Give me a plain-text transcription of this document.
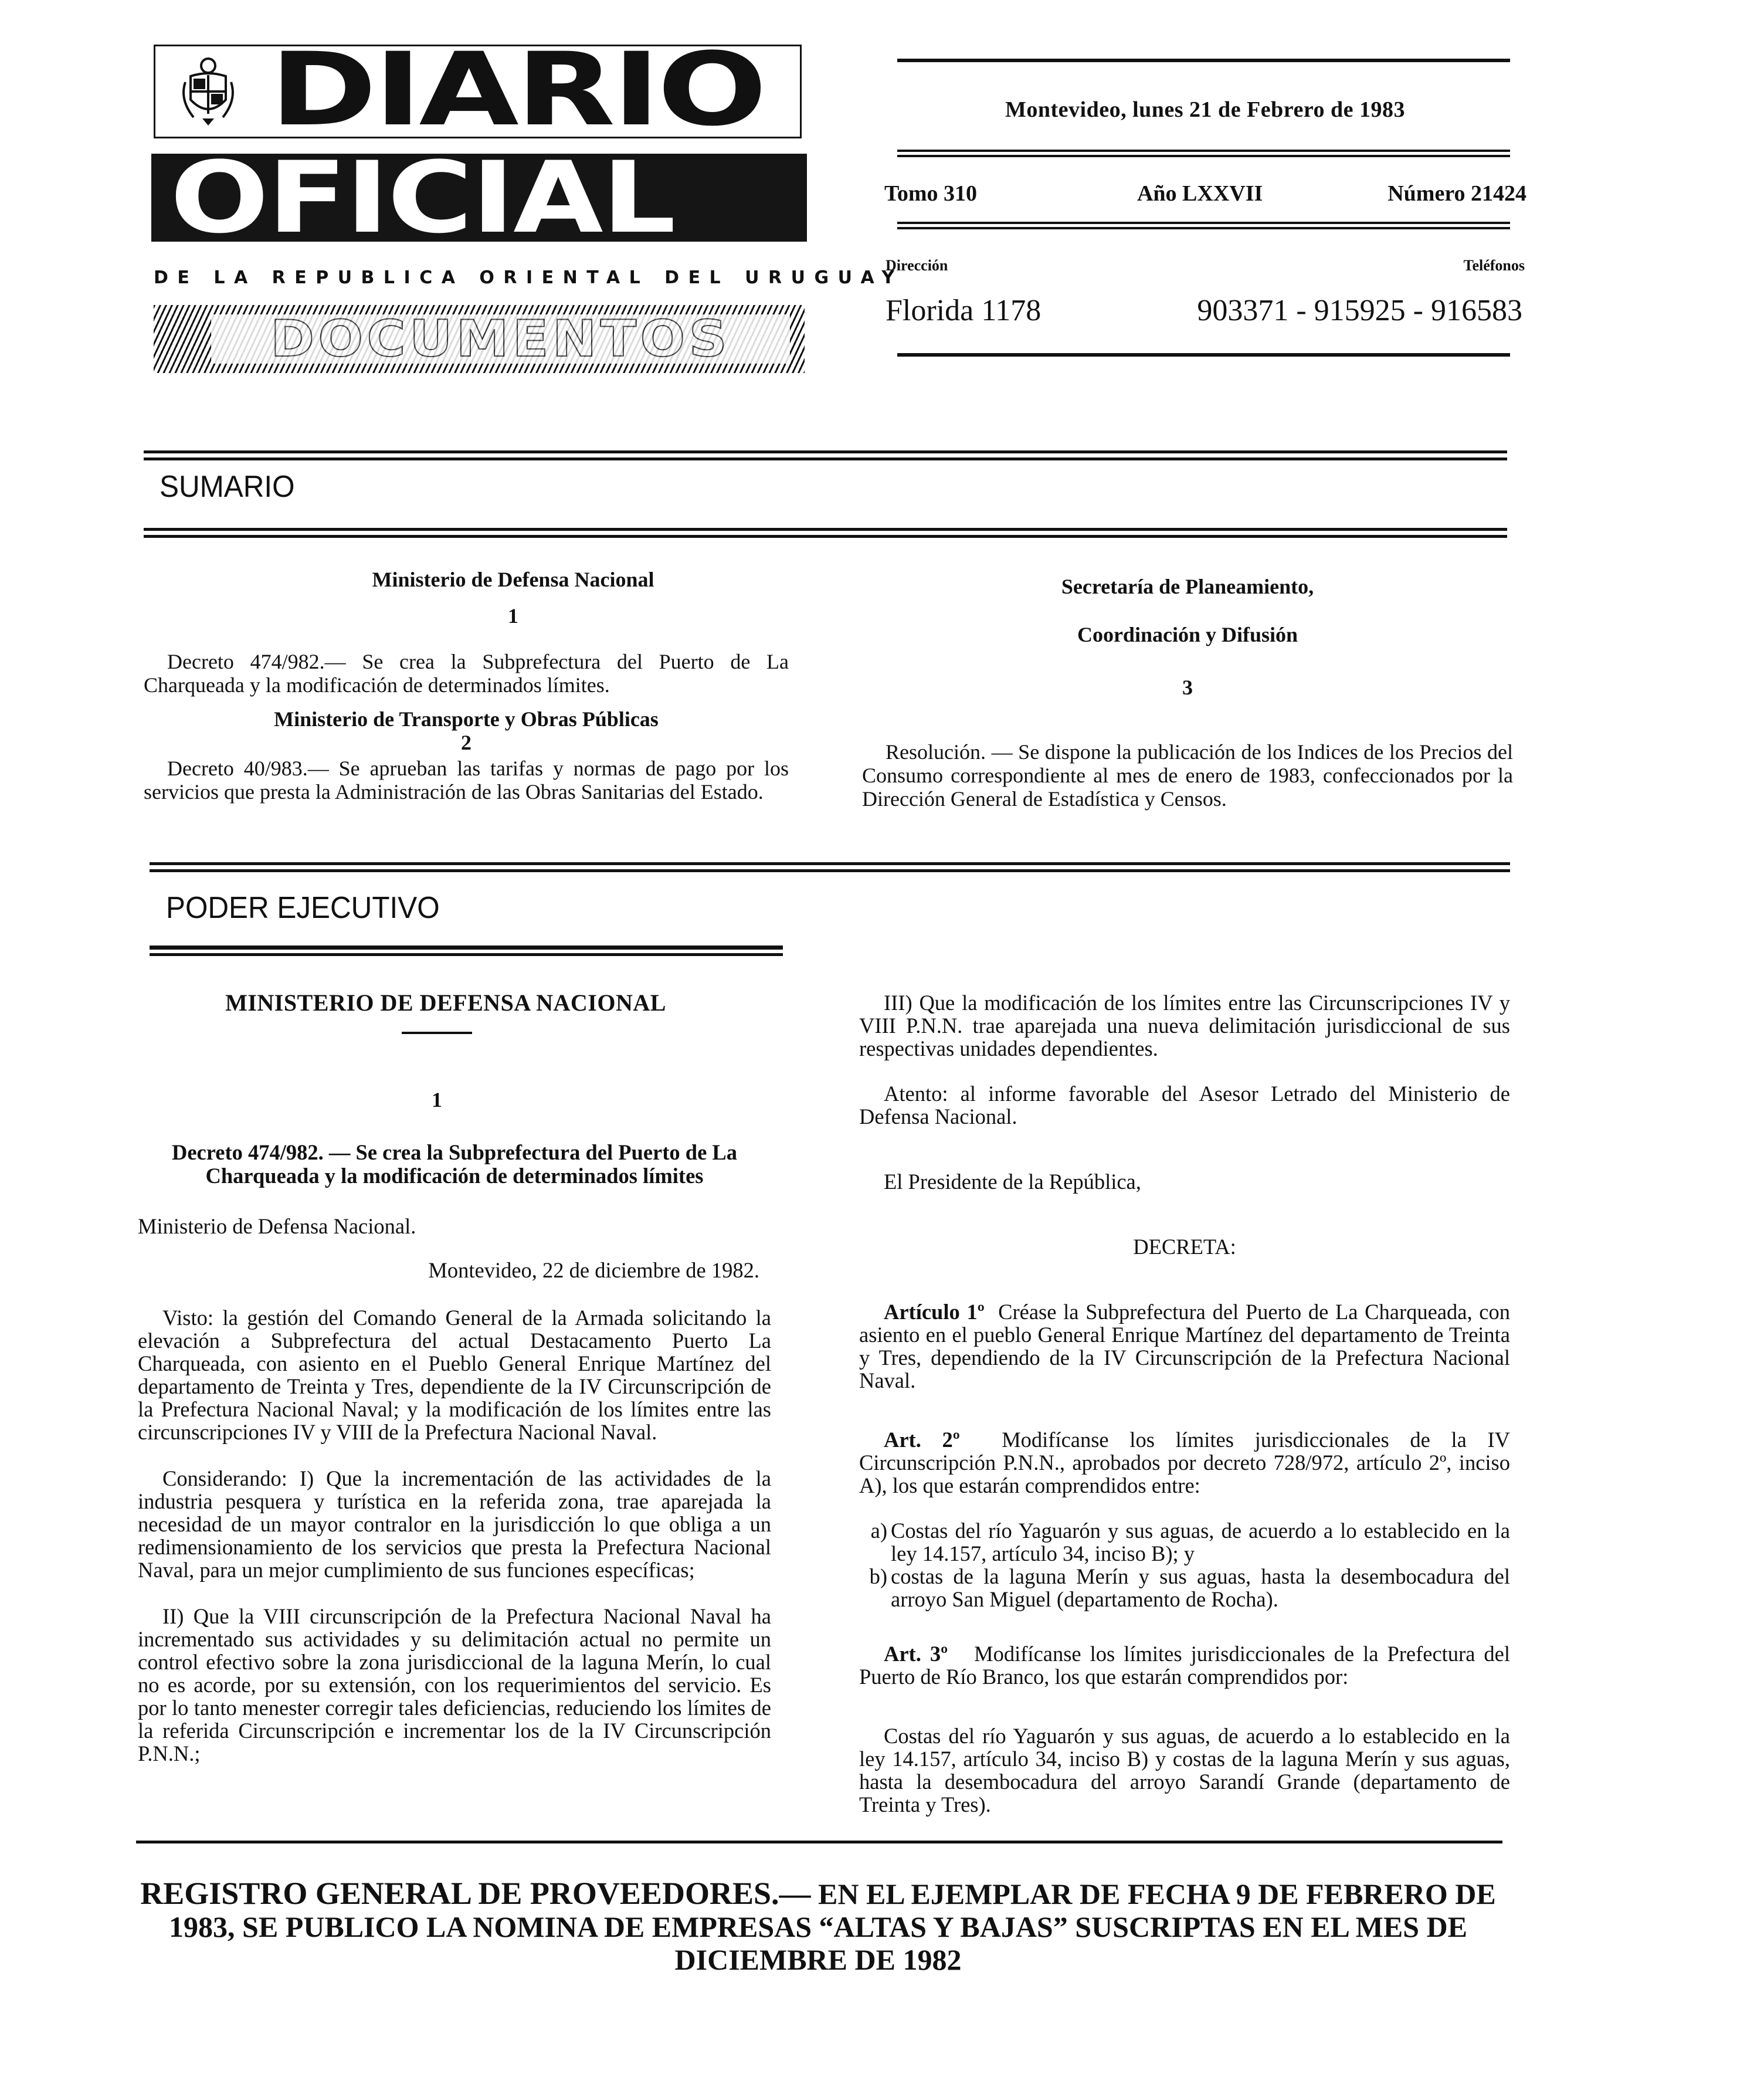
DIARIO
OFICIAL
DE LA REPUBLICA ORIENTAL DEL URUGUAY
DOCUMENTOS
Montevideo, lunes 21 de Febrero de 1983
Tomo 310	Año LXXVII	Número 21424
Dirección	Teléfonos
Florida 1178	903371 - 915925 - 916583
SUMARIO
Ministerio de Defensa Nacional
1

Decreto 474/982.— Se crea la Subprefectura del Puerto de La Charqueada y la modificación de determinados límites.

Ministerio de Transporte y Obras Públicas
2

Decreto 40/983.— Se aprueban las tarifas y normas de pago por los servicios que presta la Administración de las Obras Sanitarias del Estado.

Secretaría de Planeamiento,
Coordinación y Difusión
3

Resolución. — Se dispone la publicación de los Indices de los Precios del Consumo correspondiente al mes de enero de 1983, confeccionados por la Dirección General de Estadística y Censos.

PODER EJECUTIVO
MINISTERIO DE DEFENSA NACIONAL
1
Decreto 474/982. — Se crea la Subprefectura del Puerto de La Charqueada y la modificación de determinados límites

Ministerio de Defensa Nacional.

Montevideo, 22 de diciembre de 1982.

Visto: la gestión del Comando General de la Armada solicitando la elevación a Subprefectura del actual Destacamento Puerto La Charqueada, con asiento en el Pueblo General Enrique Martínez del departamento de Treinta y Tres, dependiente de la IV Circunscripción de la Prefectura Nacional Naval; y la modificación de los límites entre las circunscripciones IV y VIII de la Prefectura Nacional Naval.

Considerando: I) Que la incrementación de las actividades de la industria pesquera y turística en la referida zona, trae aparejada la necesidad de un mayor contralor en la jurisdicción lo que obliga a un redimensionamiento de los servicios que presta la Prefectura Nacional Naval, para un mejor cumplimiento de sus funciones específicas;

II) Que la VIII circunscripción de la Prefectura Nacional Naval ha incrementado sus actividades y su delimitación actual no permite un control efectivo sobre la zona jurisdiccional de la laguna Merín, lo cual no es acorde, por su extensión, con los requerimientos del servicio. Es por lo tanto menester corregir tales deficiencias, reduciendo los límites de la referida Circunscripción e incrementar los de la IV Circunscripción P.N.N.;

III) Que la modificación de los límites entre las Circunscripciones IV y VIII P.N.N. trae aparejada una nueva delimitación jurisdiccional de sus respectivas unidades dependientes.

Atento: al informe favorable del Asesor Letrado del Ministerio de Defensa Nacional.

El Presidente de la República,

DECRETA:

Artículo 1º Créase la Subprefectura del Puerto de La Charqueada, con asiento en el pueblo General Enrique Martínez del departamento de Treinta y Tres, dependiendo de la IV Circunscripción de la Prefectura Nacional Naval.

Art. 2º Modifícanse los límites jurisdiccionales de la IV Circunscripción P.N.N., aprobados por decreto 728/972, artículo 2º, inciso A), los que estarán comprendidos entre:

a) Costas del río Yaguarón y sus aguas, de acuerdo a lo establecido en la ley 14.157, artículo 34, inciso B); y
b) costas de la laguna Merín y sus aguas, hasta la desembocadura del arroyo San Miguel (departamento de Rocha).

Art. 3º Modifícanse los límites jurisdiccionales de la Prefectura del Puerto de Río Branco, los que estarán comprendidos por:

Costas del río Yaguarón y sus aguas, de acuerdo a lo establecido en la ley 14.157, artículo 34, inciso B) y costas de la laguna Merín y sus aguas, hasta la desembocadura del arroyo Sarandí Grande (departamento de Treinta y Tres).

REGISTRO GENERAL DE PROVEEDORES.— EN EL EJEMPLAR DE FECHA 9 DE FEBRERO DE 1983, SE PUBLICO LA NOMINA DE EMPRESAS “ALTAS Y BAJAS” SUSCRIPTAS EN EL MES DE DICIEMBRE DE 1982
